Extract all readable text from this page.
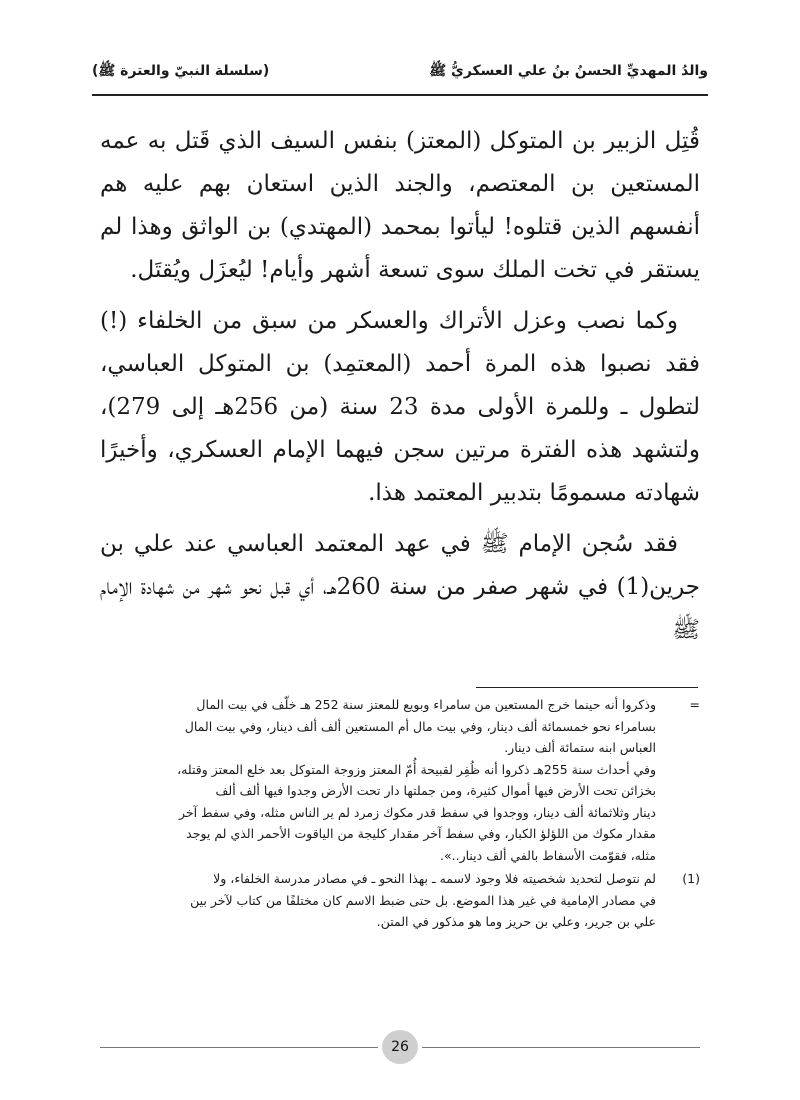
والدُ المهديِّ الحسنُ بنُ علي العسكريُّ ﷺ
(سلسلة النبيّ والعترة ﷺ)

قُتِل الزبير بن المتوكل (المعتز) بنفس السيف الذي قَتل به عمه المستعين بن المعتصم، والجند الذين استعان بهم عليه هم أنفسهم الذين قتلوه! ليأتوا بمحمد (المهتدي) بن الواثق وهذا لم يستقر في تخت الملك سوى تسعة أشهر وأيام! ليُعزَل ويُقتَل.

وكما نصب وعزل الأتراك والعسكر من سبق من الخلفاء (!) فقد نصبوا هذه المرة أحمد (المعتمِد) بن المتوكل العباسي، لتطول ـ وللمرة الأولى مدة 23 سنة (من 256هـ إلى 279)، ولتشهد هذه الفترة مرتين سجن فيهما الإمام العسكري، وأخيرًا شهادته مسمومًا بتدبير المعتمد هذا.

فقد سُجن الإمام ﷺ في عهد المعتمد العباسي عند علي بن جرين(1) في شهر صفر من سنة 260هـ، أي قبل نحو شهر من شهادة الإمام ﷺ

=

وذكروا أنه حينما خرج المستعين من سامراء وبويع للمعتز سنة 252 هـ خلّف في بيت المال

بسامراء نحو خمسمائة ألف دينار، وفي بيت مال أم المستعين ألف ألف دينار، وفي بيت المال

العباس ابنه ستمائة ألف دينار.

وفي أحداث سنة 255هـ ذكروا أنه ظُفِر لقبيحة أُمّ المعتز وزوجة المتوكل بعد خلع المعتز وقتله،

بخزائن تحت الأرض فيها أموال كثيرة، ومن جملتها دار تحت الأرض وجدوا فيها ألف ألف

دينار وثلاثمائة ألف دينار، ووجدوا في سفط قدر مكوك زمرد لم ير الناس مثله، وفي سفط آخر

مقدار مكوك من اللؤلؤ الكبار، وفي سفط آخر مقدار كليجة من الياقوت الأحمر الذي لم يوجد

مثله، فقوّمت الأسفاط بالفي ألف دينار..».

(1)

لم نتوصل لتحديد شخصيته فلا وجود لاسمه ـ بهذا النحو ـ في مصادر مدرسة الخلفاء، ولا

في مصادر الإمامية في غير هذا الموضع. بل حتى ضبط الاسم كان مختلفًا من كتاب لآخر بين

علي بن جرير، وعلي بن حريز وما هو مذكور في المتن.

26
